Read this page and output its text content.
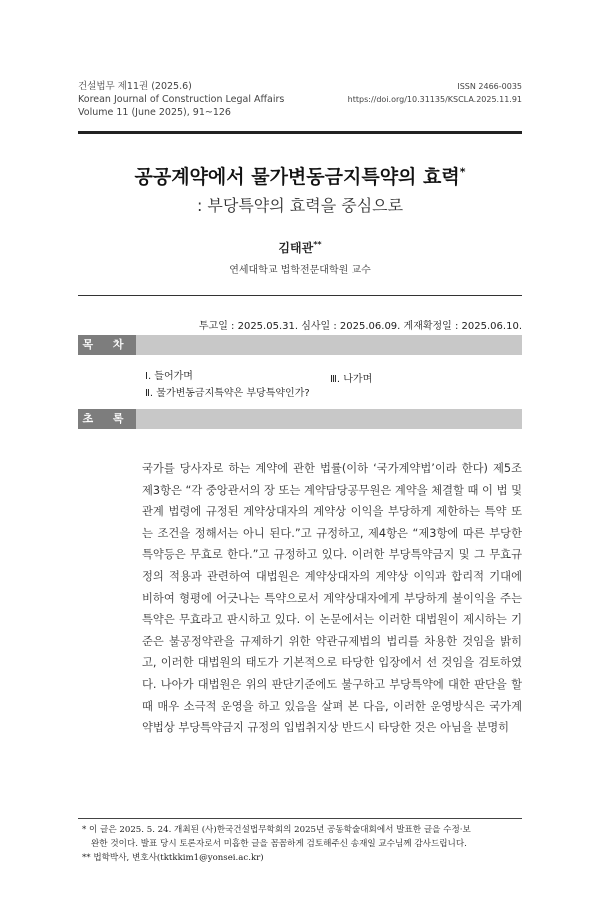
건설법무 제11권 (2025.6)
Korean Journal of Construction Legal Affairs
Volume 11 (June 2025), 91~126
ISSN 2466-0035
https://doi.org/10.31135/KSCLA.2025.11.91
공공계약에서 물가변동금지특약의 효력*
: 부당특약의 효력을 중심으로
김태관**
연세대학교 법학전문대학원 교수
투고일 : 2025.05.31. 심사일 : 2025.06.09. 게재확정일 : 2025.06.10.
목 차
Ⅰ. 들어가며
Ⅱ. 물가변동금지특약은 부당특약인가?
Ⅲ. 나가며
초 록
국가를 당사자로 하는 계약에 관한 법률(이하 ‘국가계약법’이라 한다) 제5조 제3항은 “각 중앙관서의 장 또는 계약담당공무원은 계약을 체결할 때 이 법 및 관계 법령에 규정된 계약상대자의 계약상 이익을 부당하게 제한하는 특약 또는 조건을 정해서는 아니 된다.”고 규정하고, 제4항은 “제3항에 따른 부당한 특약등은 무효로 한다.”고 규정하고 있다. 이러한 부당특약금지 및 그 무효규정의 적용과 관련하여 대법원은 계약상대자의 계약상 이익과 합리적 기대에 비하여 형평에 어긋나는 특약으로서 계약상대자에게 부당하게 불이익을 주는 특약은 무효라고 판시하고 있다. 이 논문에서는 이러한 대법원이 제시하는 기준은 불공정약관을 규제하기 위한 약관규제법의 법리를 차용한 것임을 밝히고, 이러한 대법원의 태도가 기본적으로 타당한 입장에서 선 것임을 검토하였다. 나아가 대법원은 위의 판단기준에도 불구하고 부당특약에 대한 판단을 할 때 매우 소극적 운영을 하고 있음을 살펴 본 다음, 이러한 운영방식은 국가계약법상 부당특약금지 규정의 입법취지상 반드시 타당한 것은 아님을 분명히
* 이 글은 2025. 5. 24. 개최된 (사)한국건설법무학회의 2025년 공동학술대회에서 발표한 글을 수정·보
완한 것이다. 발표 당시 토론자로서 미흡한 글을 꼼꼼하게 검토해주신 송재일 교수님께 감사드립니다.
** 법학박사, 변호사(tktkkim1@yonsei.ac.kr)
